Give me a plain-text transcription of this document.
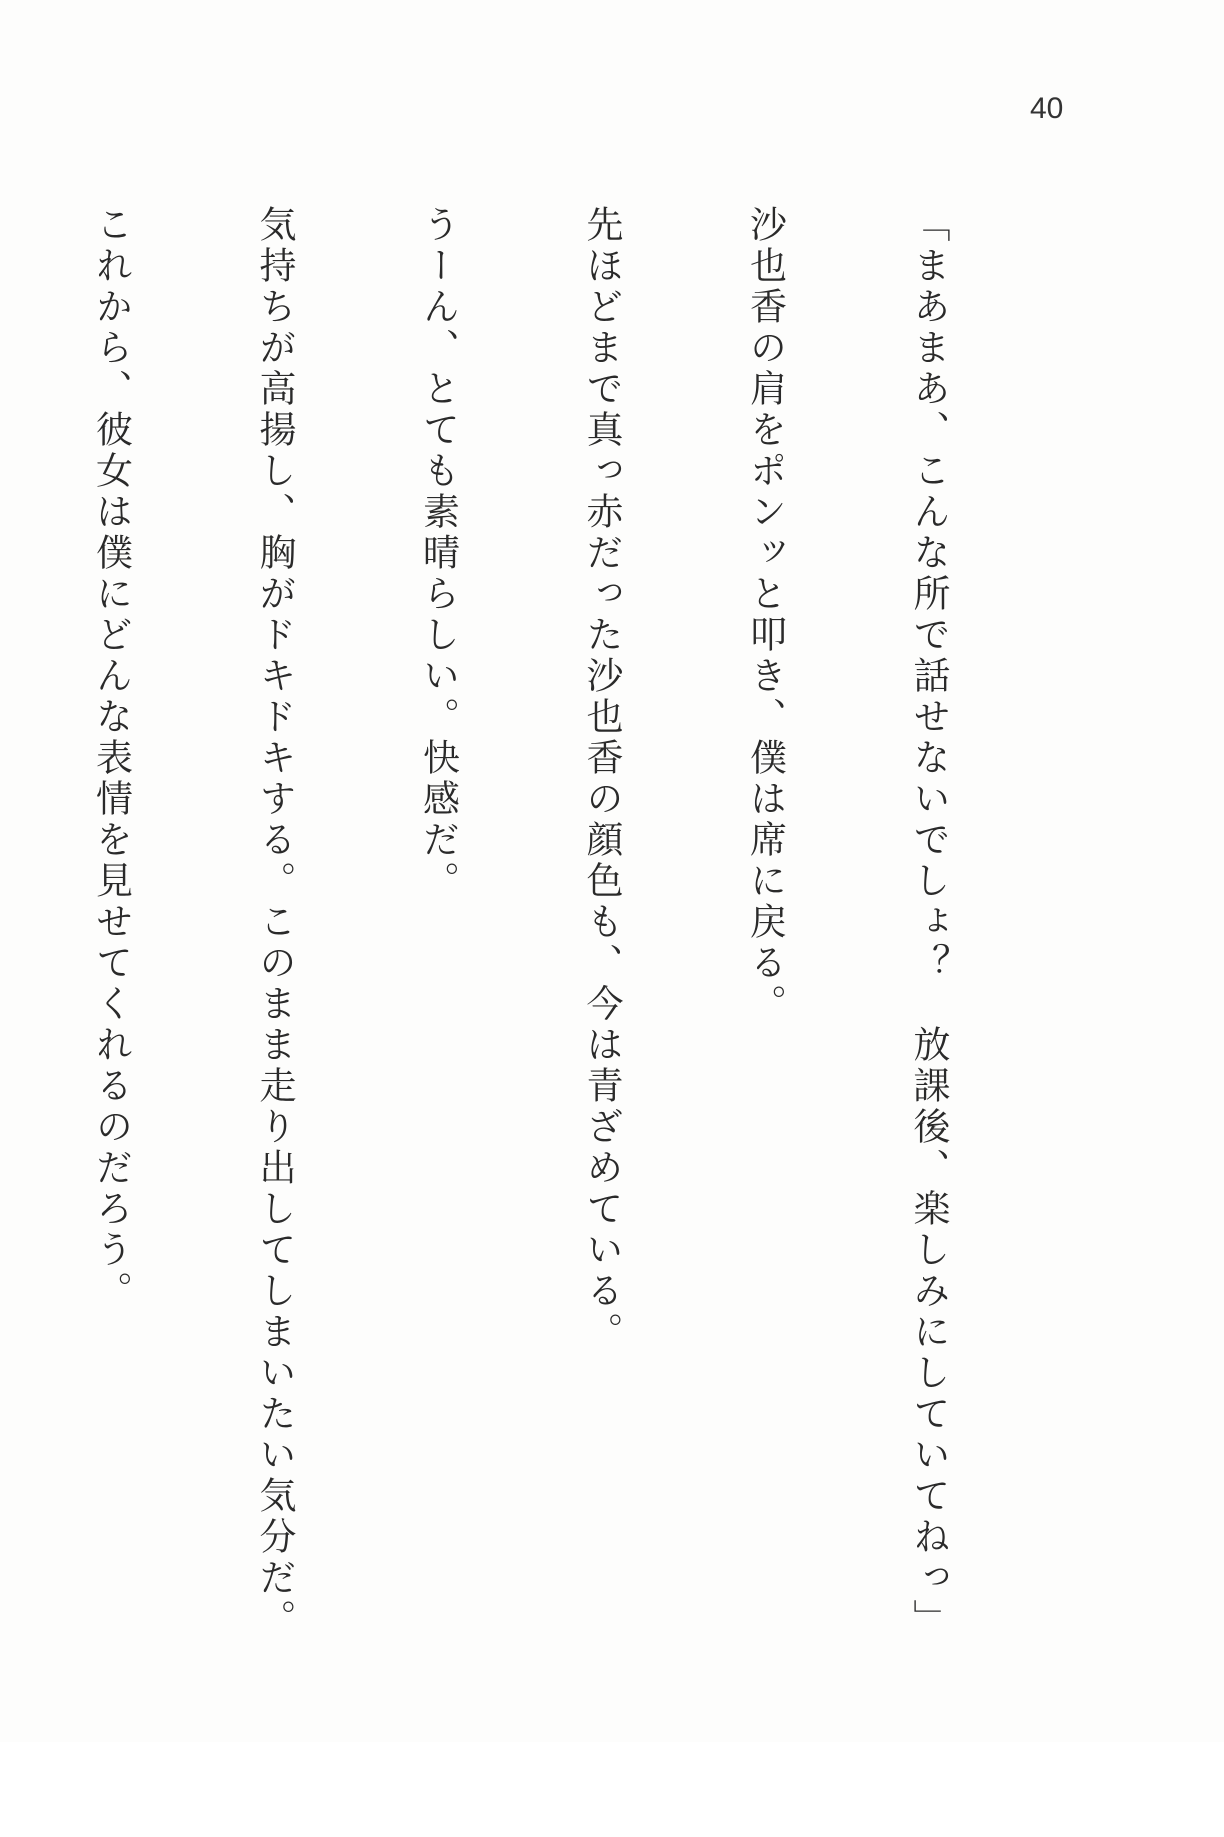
40

「まあまあ、こんな所で話せないでしょ？　放課後、楽しみにしていてねっ」

沙也香の肩をポンッと叩き、僕は席に戻る。

先ほどまで真っ赤だった沙也香の顔色も、今は青ざめている。

うーん、とても素晴らしい。快感だ。

気持ちが高揚し、胸がドキドキする。このまま走り出してしまいたい気分だ。

これから、彼女は僕にどんな表情を見せてくれるのだろう。
